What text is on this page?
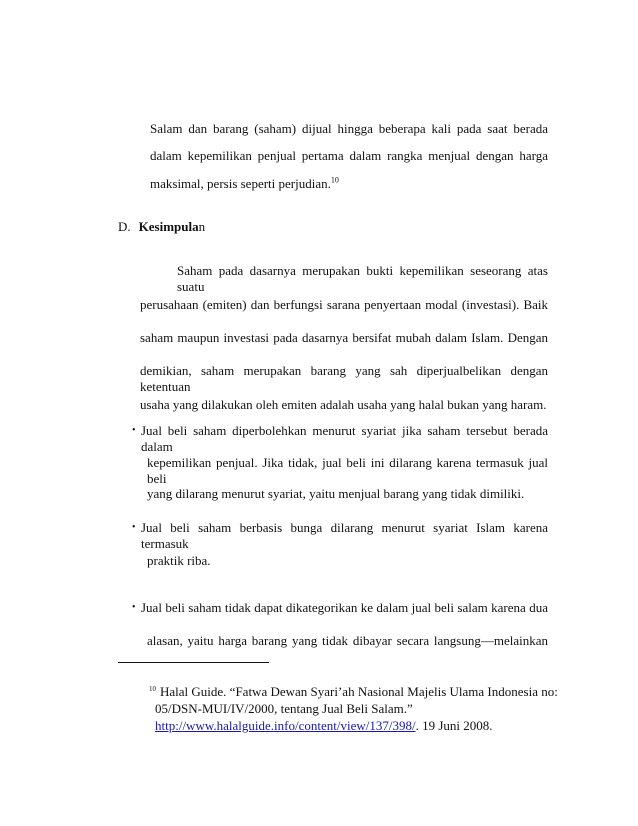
Salam dan barang (saham) dijual hingga beberapa kali pada saat berada
dalam kepemilikan penjual pertama dalam rangka menjual dengan harga
maksimal, persis seperti perjudian.$^{10}$
D. Kesimpulan
Saham pada dasarnya merupakan bukti kepemilikan seseorang atas suatu
perusahaan (emiten) dan berfungsi sarana penyertaan modal (investasi). Baik
saham maupun investasi pada dasarnya bersifat mubah dalam Islam. Dengan
demikian, saham merupakan barang yang sah diperjualbelikan dengan ketentuan
usaha yang dilakukan oleh emiten adalah usaha yang halal bukan yang haram.
• Jual beli saham diperbolehkan menurut syariat jika saham tersebut berada dalam
kepemilikan penjual. Jika tidak, jual beli ini dilarang karena termasuk jual beli
yang dilarang menurut syariat, yaitu menjual barang yang tidak dimiliki.
• Jual beli saham berbasis bunga dilarang menurut syariat Islam karena termasuk
praktik riba.
• Jual beli saham tidak dapat dikategorikan ke dalam jual beli salam karena dua
alasan, yaitu harga barang yang tidak dibayar secara langsung—melainkan
10 Halal Guide. “Fatwa Dewan Syari’ah Nasional Majelis Ulama Indonesia no:
05/DSN-MUI/IV/2000, tentang Jual Beli Salam.”
http://www.halalguide.info/content/view/137/398/. 19 Juni 2008.
